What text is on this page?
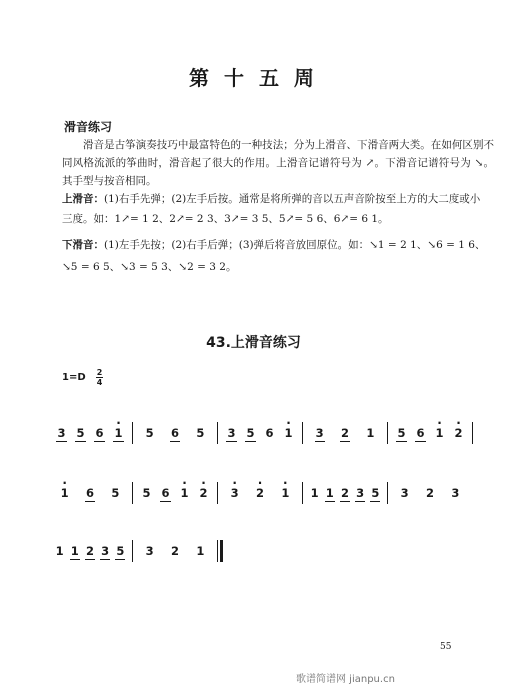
第 十 五 周
滑音练习
滑音是古筝演奏技巧中最富特色的一种技法；分为上滑音、下滑音两大类。在如何区别不同风格流派的筝曲时，滑音起了很大的作用。上滑音记谱符号为 ↗。下滑音记谱符号为 ↘。其手型与按音相同。
上滑音：(1)右手先弹；(2)左手后按。通常是将所弹的音以五声音阶按至上方的大二度或小
三度。如：1↗= 1 2、2↗= 2 3、3↗= 3 5、5↗= 5 6、6↗= 6 1。
下滑音：(1)左手先按；(2)右手后弹；(3)弹后将音放回原位。如：↘1 = 2 1、↘6 = 1 6、
↘5 = 6 5、↘3 = 5 3、↘2 = 3 2。
43.上滑音练习
1=D 2
4
3 5 6 · 1 5 6 5 3 5 6 · 1 3 2 1 5 6 · 1 · 2
· 1 6 5 5 6 · 1 · 2 · 3 · 2 · 1 1 1 2 3 5 3 2 3
1 1 2 3 5 3 2 1
55
歌谱简谱网 jianpu.cn
